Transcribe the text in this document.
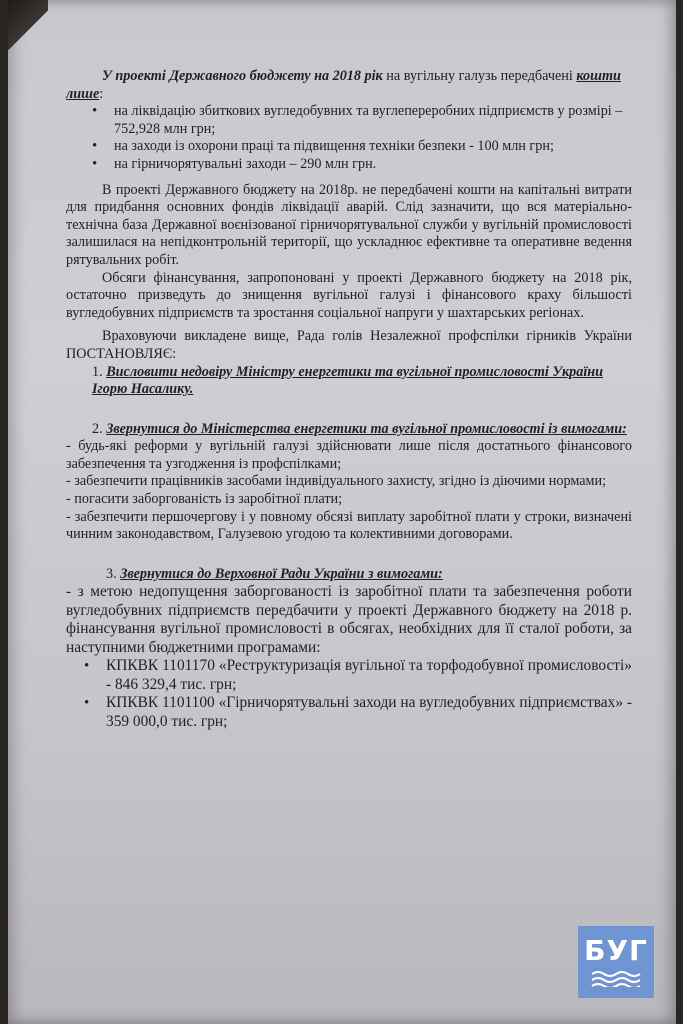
У проекті Державного бюджету на 2018 рік на вугільну галузь передбачені кошти лише:

• на ліквідацію збиткових вугледобувних та вуглепереробних підприємств у розмірі – 752,928 млн грн;
• на заходи із охорони праці та підвищення техніки безпеки - 100 млн грн;
• на гірничорятувальні заходи – 290 млн грн.

В проекті Державного бюджету на 2018р. не передбачені кошти на капітальні витрати для придбання основних фондів ліквідації аварій. Слід зазначити, що вся матеріально-технічна база Державної воєнізованої гірничорятувальної служби у вугільній промисловості залишилася на непідконтрольній території, що ускладнює ефективне та оперативне ведення рятувальних робіт.

Обсяги фінансування, запропоновані у проекті Державного бюджету на 2018 рік, остаточно призведуть до знищення вугільної галузі і фінансового краху більшості вугледобувних підприємств та зростання соціальної напруги у шахтарських регіонах.

Враховуючи викладене вище, Рада голів Незалежної профспілки гірників України ПОСТАНОВЛЯЄ:

1. Висловити недовіру Міністру енергетики та вугільної промисловості України Ігорю Насалику.

2. Звернутися до Міністерства енергетики та вугільної промисловості із вимогами:

- будь-які реформи у вугільній галузі здійснювати лише після достатнього фінансового забезпечення та узгодження із профспілками;

- забезпечити працівників засобами індивідуального захисту, згідно із діючими нормами;

- погасити заборгованість із заробітної плати;

- забезпечити першочергову і у повному обсязі виплату заробітної плати у строки, визначені чинним законодавством, Галузевою угодою та колективними договорами.

3. Звернутися до Верховної Ради України з вимогами:

- з метою недопущення заборгованості із заробітної плати та забезпечення роботи вугледобувних підприємств передбачити у проекті Державного бюджету на 2018 р. фінансування вугільної промисловості в обсягах, необхідних для її сталої роботи, за наступними бюджетними програмами:

• КПКВК 1101170 «Реструктуризація вугільної та торфодобувної промисловості» - 846 329,4 тис. грн;
• КПКВК 1101100 «Гірничорятувальні заходи на вугледобувних підприємствах» - 359 000,0 тис. грн;
БУГ
